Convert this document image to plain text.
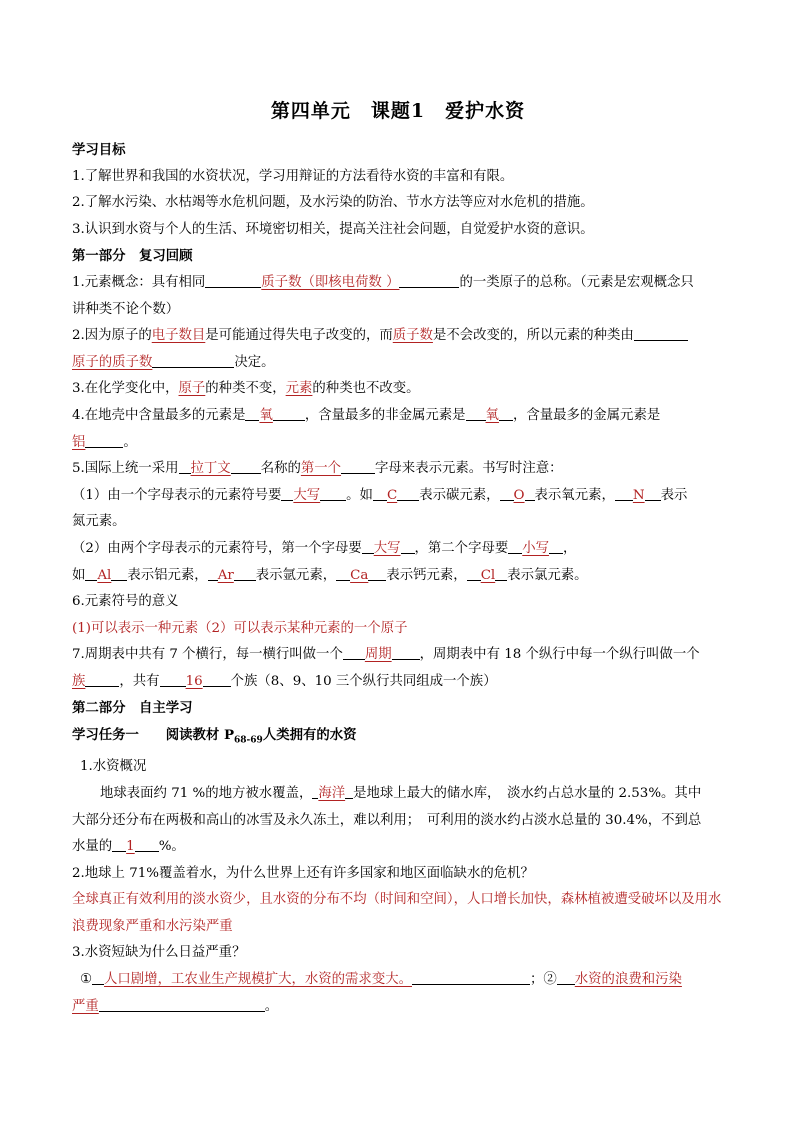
第四单元　课题1　爱护水资
学习目标
1.了解世界和我国的水资状况，学习用辩证的方法看待水资的丰富和有限。
2.了解水污染、水枯竭等水危机问题，及水污染的防治、节水方法等应对水危机的措施。
3.认识到水资与个人的生活、环境密切相关，提高关注社会问题，自觉爱护水资的意识。
第一部分　复习回顾
1.元素概念：具有相同	质子数（即核电荷数 ）	的一类原子的总称。（元素是宏观概念只
讲种类不论个数）
2.因为原子的电子数目是可能通过得失电子改变的，而质子数是不会改变的，所以元素的种类由
原子的质子数	决定。
3.在化学变化中，原子的种类不变，元素的种类也不改变。
4.在地壳中含量最多的元素是 氧 ，含量最多的非金属元素是 氧 ，含量最多的金属元素是
铝	。
5.国际上统一采用 拉丁文 名称的第一个	字母来表示元素。书写时注意：
（1）由一个字母表示的元素符号要 大写 。如 C 表示碳元素， O 表示氧元素， N 表示
氮元素。
（2）由两个字母表示的元素符号，第一个字母要 大写 ，第二个字母要 小写 ，
如 Al 表示铝元素， Ar 表示氩元素， Ca 表示钙元素， Cl 表示氯元素。
6.元素符号的意义
(1)可以表示一种元素（2）可以表示某种元素的一个原子
7.周期表中共有 7 个横行，每一横行叫做一个 周期 ，周期表中有 18 个纵行中每一个纵行叫做一个
族	，共有 16 个族（8、9、10 三个纵行共同组成一个族）
第二部分　自主学习
学习任务一　　阅读教材 $P_{68-69}$人类拥有的水资
1.水资概况
地球表面约 71 %的地方被水覆盖， 海洋 是地球上最大的储水库，　淡水约占总水量的 2.53%。其中
大部分还分布在两极和高山的冰雪及永久冻土，难以利用；　可利用的淡水约占淡水总量的 30.4%，不到总
水量的 1 %。
2.地球上 71%覆盖着水，为什么世界上还有许多国家和地区面临缺水的危机？
全球真正有效利用的淡水资少，且水资的分布不均（时间和空间），人口增长加快，森林植被遭受破坏以及用水浪费现象严重和水污染严重
3.水资短缺为什么日益严重？
① 人口剧增，工农业生产规模扩大，水资的需求变大。	；② 水资的浪费和污染
严重	。
